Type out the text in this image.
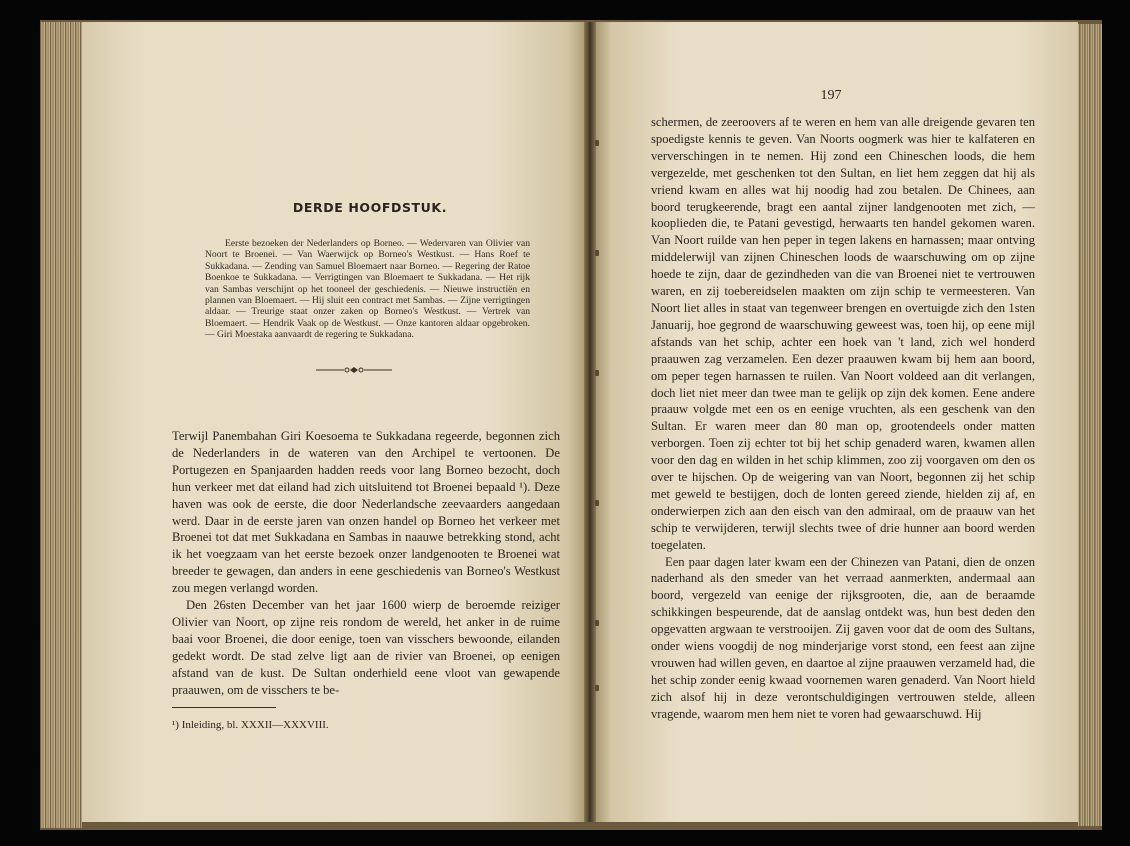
DERDE HOOFDSTUK.
Eerste bezoeken der Nederlanders op Borneo. — Wedervaren van Olivier van Noort te Broenei. — Van Waerwijck op Borneo's Westkust. — Hans Roef te Sukkadana. — Zending van Samuel Bloemaert naar Borneo. — Regering der Ratoe Boenkoe te Sukkadana. — Verrigtingen van Bloemaert te Sukkadana. — Het rijk van Sambas verschijnt op het tooneel der geschiedenis. — Nieuwe instructiën en plannen van Bloemaert. — Hij sluit een contract met Sambas. — Zijne verrigtingen aldaar. — Treurige staat onzer zaken op Borneo's Westkust. — Vertrek van Bloemaert. — Hendrik Vaak op de Westkust. — Onze kantoren aldaar opgebroken. — Giri Moestaka aanvaardt de regering te Sukkadana.

Terwijl Panembahan Giri Koesoema te Sukkadana regeerde, begonnen zich de Nederlanders in de wateren van den Archipel te vertoonen. De Portugezen en Spanjaarden hadden reeds voor lang Borneo bezocht, doch hun verkeer met dat eiland had zich uitsluitend tot Broenei bepaald ¹). Deze haven was ook de eerste, die door Nederlandsche zeevaarders aangedaan werd. Daar in de eerste jaren van onzen handel op Borneo het verkeer met Broenei tot dat met Sukkadana en Sambas in naauwe betrekking stond, acht ik het voegzaam van het eerste bezoek onzer landgenooten te Broenei wat breeder te gewagen, dan anders in eene geschiedenis van Borneo's Westkust zou megen verlangd worden.

Den 26sten December van het jaar 1600 wierp de beroemde reiziger Olivier van Noort, op zijne reis rondom de wereld, het anker in de ruime baai voor Broenei, die door eenige, toen van visschers bewoonde, eilanden gedekt wordt. De stad zelve ligt aan de rivier van Broenei, op eenigen afstand van de kust. De Sultan onderhield eene vloot van gewapende praauwen, om de visschers te be-

¹) Inleiding, bl. XXXII—XXXVIII.
197

schermen, de zeeroovers af te weren en hem van alle dreigende gevaren ten spoedigste kennis te geven. Van Noorts oogmerk was hier te kalfateren en ververschingen in te nemen. Hij zond een Chineschen loods, die hem vergezelde, met geschenken tot den Sultan, en liet hem zeggen dat hij als vriend kwam en alles wat hij noodig had zou betalen. De Chinees, aan boord terugkeerende, bragt een aantal zijner landgenooten met zich, — kooplieden die, te Patani gevestigd, herwaarts ten handel gekomen waren. Van Noort ruilde van hen peper in tegen lakens en harnassen; maar ontving middelerwijl van zijnen Chineschen loods de waarschuwing om op zijne hoede te zijn, daar de gezindheden van die van Broenei niet te vertrouwen waren, en zij toebereidselen maakten om zijn schip te vermeesteren. Van Noort liet alles in staat van tegenweer brengen en overtuigde zich den 1sten Januarij, hoe gegrond de waarschuwing geweest was, toen hij, op eene mijl afstands van het schip, achter een hoek van 't land, zich wel honderd praauwen zag verzamelen. Een dezer praauwen kwam bij hem aan boord, om peper tegen harnassen te ruilen. Van Noort voldeed aan dit verlangen, doch liet niet meer dan twee man te gelijk op zijn dek komen. Eene andere praauw volgde met een os en eenige vruchten, als een geschenk van den Sultan. Er waren meer dan 80 man op, grootendeels onder matten verborgen. Toen zij echter tot bij het schip genaderd waren, kwamen allen voor den dag en wilden in het schip klimmen, zoo zij voorgaven om den os over te hijschen. Op de weigering van van Noort, begonnen zij het schip met geweld te bestijgen, doch de lonten gereed ziende, hielden zij af, en onderwierpen zich aan den eisch van den admiraal, om de praauw van het schip te verwijderen, terwijl slechts twee of drie hunner aan boord werden toegelaten.

Een paar dagen later kwam een der Chinezen van Patani, dien de onzen naderhand als den smeder van het verraad aanmerkten, andermaal aan boord, vergezeld van eenige der rijksgrooten, die, aan de beraamde schikkingen bespeurende, dat de aanslag ontdekt was, hun best deden den opgevatten argwaan te verstrooijen. Zij gaven voor dat de oom des Sultans, onder wiens voogdij de nog minderjarige vorst stond, een feest aan zijne vrouwen had willen geven, en daartoe al zijne praauwen verzameld had, die het schip zonder eenig kwaad voornemen waren genaderd. Van Noort hield zich alsof hij in deze verontschuldigingen vertrouwen stelde, alleen vragende, waarom men hem niet te voren had gewaarschuwd. Hij
